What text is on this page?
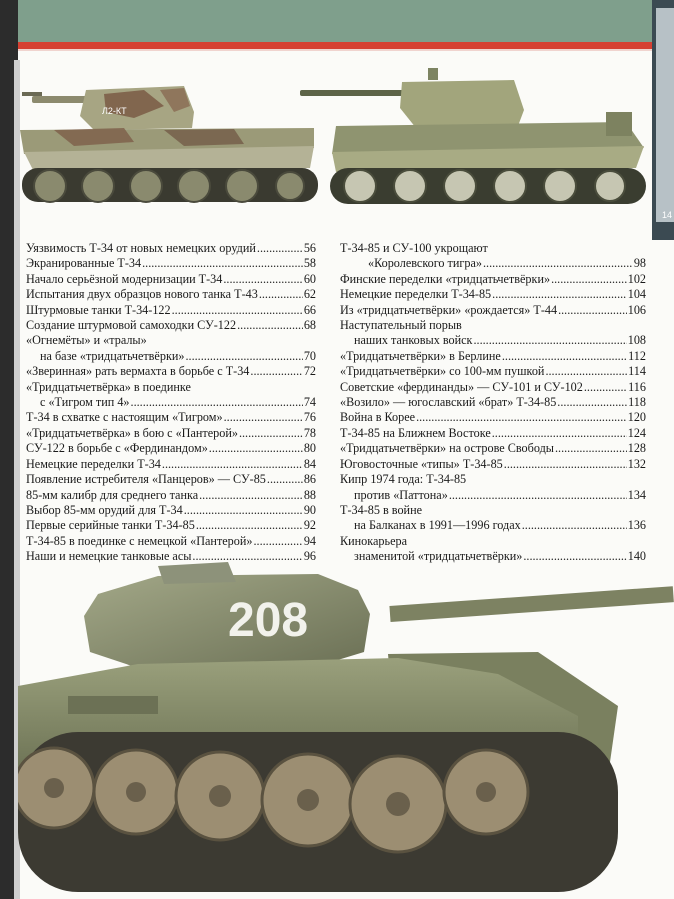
14
Л2-КТ
Уязвимость Т-34 от новых немецких орудий .....	56
Экранированные Т-34 .....	58
Начало серьёзной модернизации Т-34 .....	60
Испытания двух образцов нового танка Т-43 .....	62
Штурмовые танки Т-34-122 .....	66
Создание штурмовой самоходки СУ-122 .....	68
«Огнемёты» и «тралы»
на базе «тридцатьчетвёрки» .....	70
«Зверинная» рать вермахта в борьбе с Т-34 .....	72
«Тридцатьчетвёрка» в поединке
с «Тигром тип 4» .....	74
Т-34 в схватке с настоящим «Тигром» .....	76
«Тридцатьчетвёрка» в бою с «Пантерой» .....	78
СУ-122 в борьбе с «Фердинандом» .....	80
Немецкие переделки Т-34 .....	84
Появление истребителя «Панцеров» — СУ-85 .....	86
85-мм калибр для среднего танка .....	88
Выбор 85-мм орудий для Т-34 .....	90
Первые серийные танки Т-34-85 .....	92
Т-34-85 в поединке с немецкой «Пантерой» .....	94
Наши и немецкие танковые асы .....	96
Т-34-85 и СУ-100 укрощают
«Королевского тигра» .....	98
Финские переделки «тридцатьчетвёрки» .....	102
Немецкие переделки Т-34-85 .....	104
Из «тридцатьчетвёрки» «рождается» Т-44 .....	106
Наступательный порыв
наших танковых войск .....	108
«Тридцатьчетвёрки» в Берлине .....	112
«Тридцатьчетвёрки» со 100-мм пушкой .....	114
Советские «фердинанды» — СУ-101 и СУ-102 .....	116
«Возило» — югославский «брат» Т-34-85 .....	118
Война в Корее .....	120
Т-34-85 на Ближнем Востоке .....	124
«Тридцатьчетвёрки» на острове Свободы .....	128
Юговосточные «типы» Т-34-85 .....	132
Кипр 1974 года: Т-34-85
против «Паттона» .....	134
Т-34-85 в войне
на Балканах в 1991—1996 годах .....	136
Кинокарьера
знаменитой «тридцатьчетвёрки» .....	140
208
